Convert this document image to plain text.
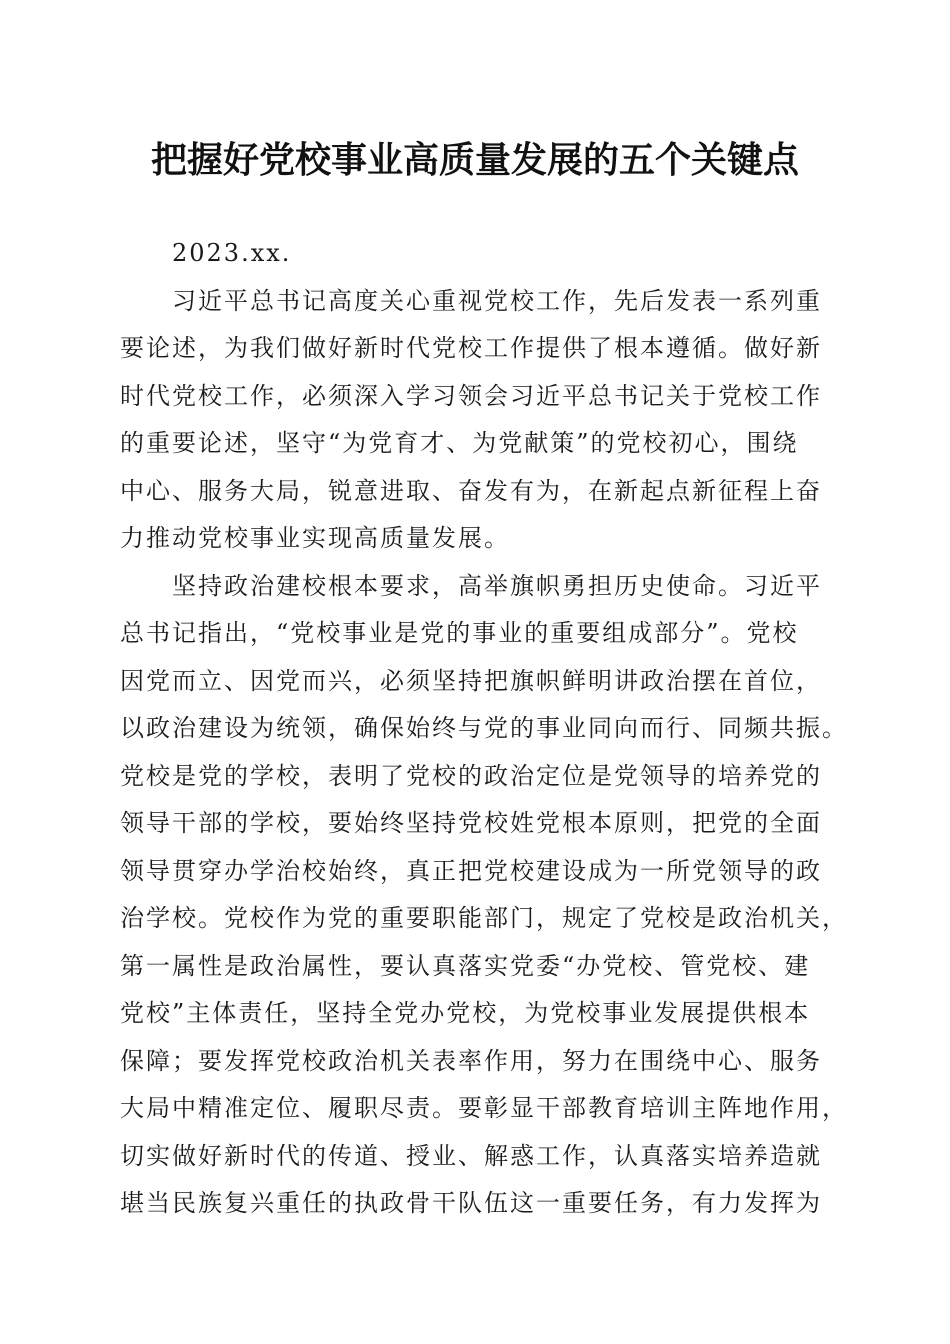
把握好党校事业高质量发展的五个关键点
2023.xx.
习近平总书记高度关心重视党校工作，先后发表一系列重
要论述，为我们做好新时代党校工作提供了根本遵循。做好新
时代党校工作，必须深入学习领会习近平总书记关于党校工作
的重要论述，坚守“为党育才、为党献策”的党校初心，围绕
中心、服务大局，锐意进取、奋发有为，在新起点新征程上奋
力推动党校事业实现高质量发展。
坚持政治建校根本要求，高举旗帜勇担历史使命。习近平
总书记指出，“党校事业是党的事业的重要组成部分”。党校
因党而立、因党而兴，必须坚持把旗帜鲜明讲政治摆在首位，
以政治建设为统领，确保始终与党的事业同向而行、同频共振。
党校是党的学校，表明了党校的政治定位是党领导的培养党的
领导干部的学校，要始终坚持党校姓党根本原则，把党的全面
领导贯穿办学治校始终，真正把党校建设成为一所党领导的政
治学校。党校作为党的重要职能部门，规定了党校是政治机关，
第一属性是政治属性，要认真落实党委“办党校、管党校、建
党校”主体责任，坚持全党办党校，为党校事业发展提供根本
保障；要发挥党校政治机关表率作用，努力在围绕中心、服务
大局中精准定位、履职尽责。要彰显干部教育培训主阵地作用，
切实做好新时代的传道、授业、解惑工作，认真落实培养造就
堪当民族复兴重任的执政骨干队伍这一重要任务，有力发挥为
